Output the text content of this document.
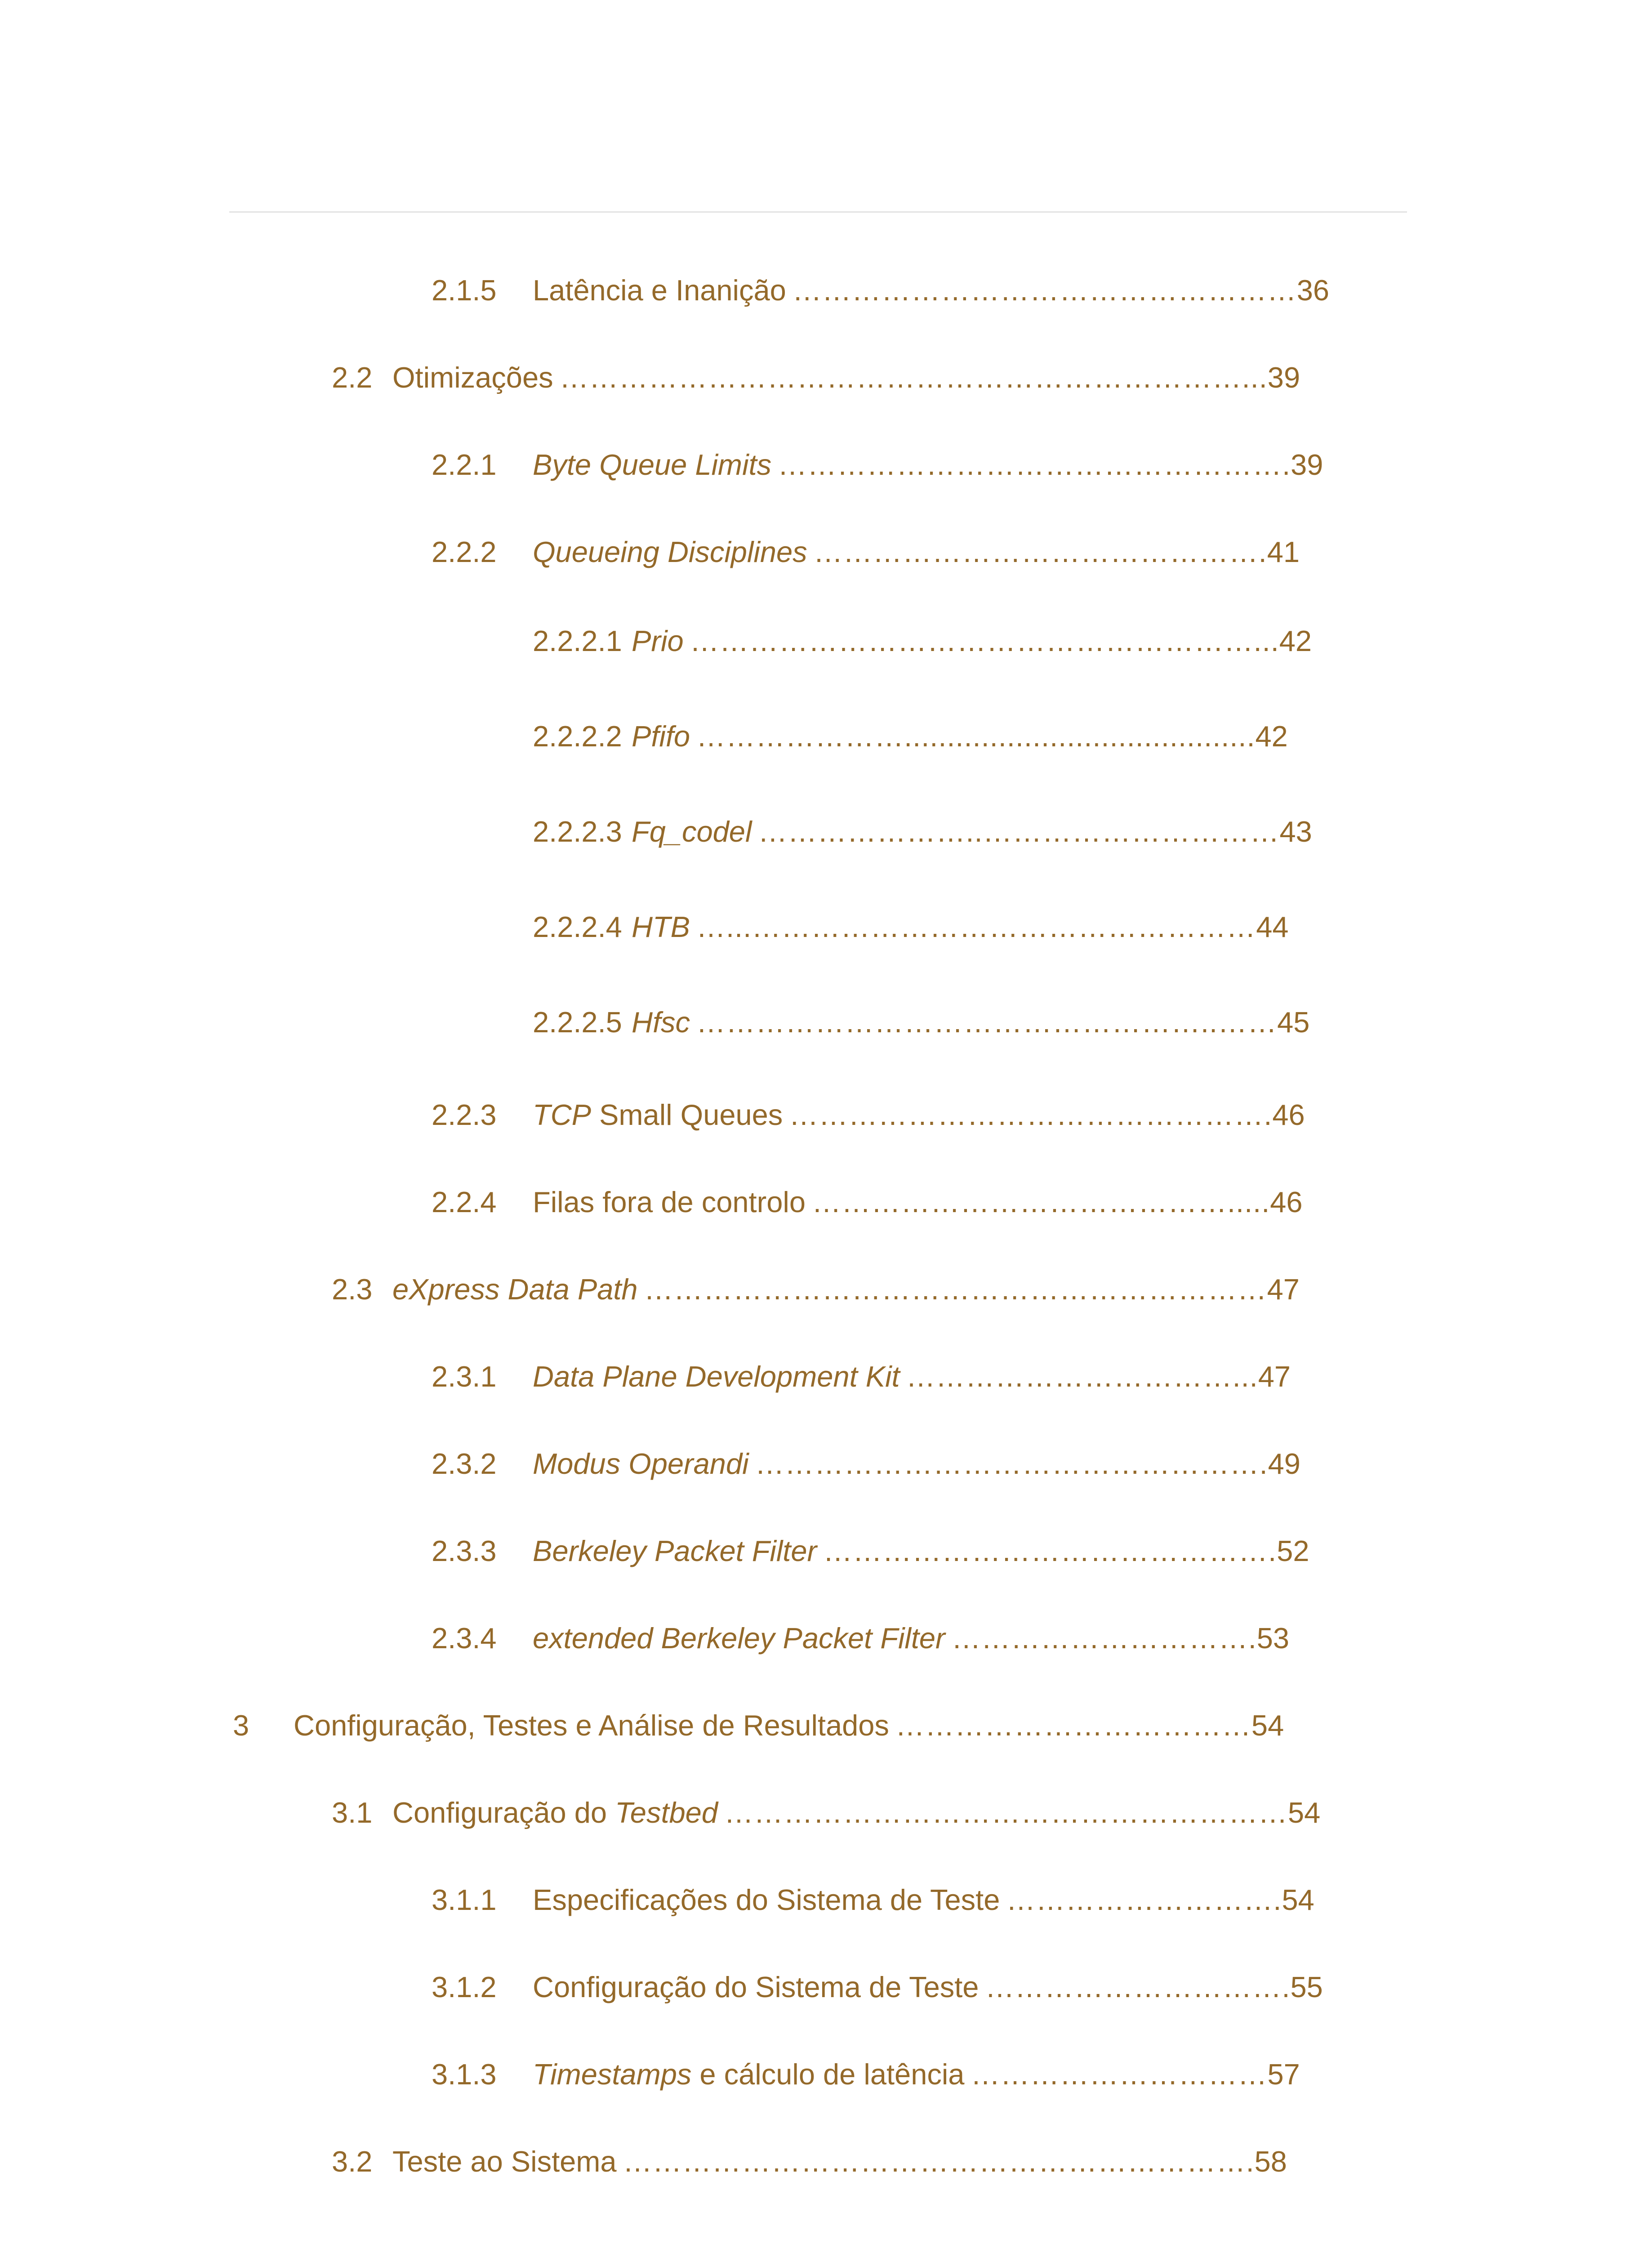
2.1.5	Latência e Inanição …………………………………………… 36
2.2 Otimizações ……………………………………………………………... 39
2.2.1	Byte Queue Limits ……………………………………………. 39
2.2.2	Queueing Disciplines ………………………………………. 41
2.2.2.1 Prio …………………………………………………... 42
2.2.2.2 Pfifo …………………......................................... 42
2.2.2.3 Fq_codel …………………..………………………… 43
2.2.2.4 HTB …...…………………………………………… 44
2.2.2.5 Hfsc ……………………………………………..…… 45
2.2.3	TCP Small Queues …………………………………………. 46
2.2.4	Filas fora de controlo ……………………………………..... 46
2.3 eXpress Data Path ……………………………………………………… 47
2.3.1	Data Plane Development Kit ……………………………... 47
2.3.2	Modus Operandi ……………………………………………. 49
2.3.3	Berkeley Packet Filter ………………………………………. 52
2.3.4	extended Berkeley Packet Filter …………………………. 53
3	Configuração, Testes e Análise de Resultados ……………………………… 54
3.1 Configuração do Testbed ………………………………………………… 54
3.1.1	Especificações do Sistema de Teste ………………………. 54
3.1.2	Configuração do Sistema de Teste …………………………. 55
3.1.3	Timestamps e cálculo de latência ………………………… 57
3.2 Teste ao Sistema ………………………………………………………. 58
